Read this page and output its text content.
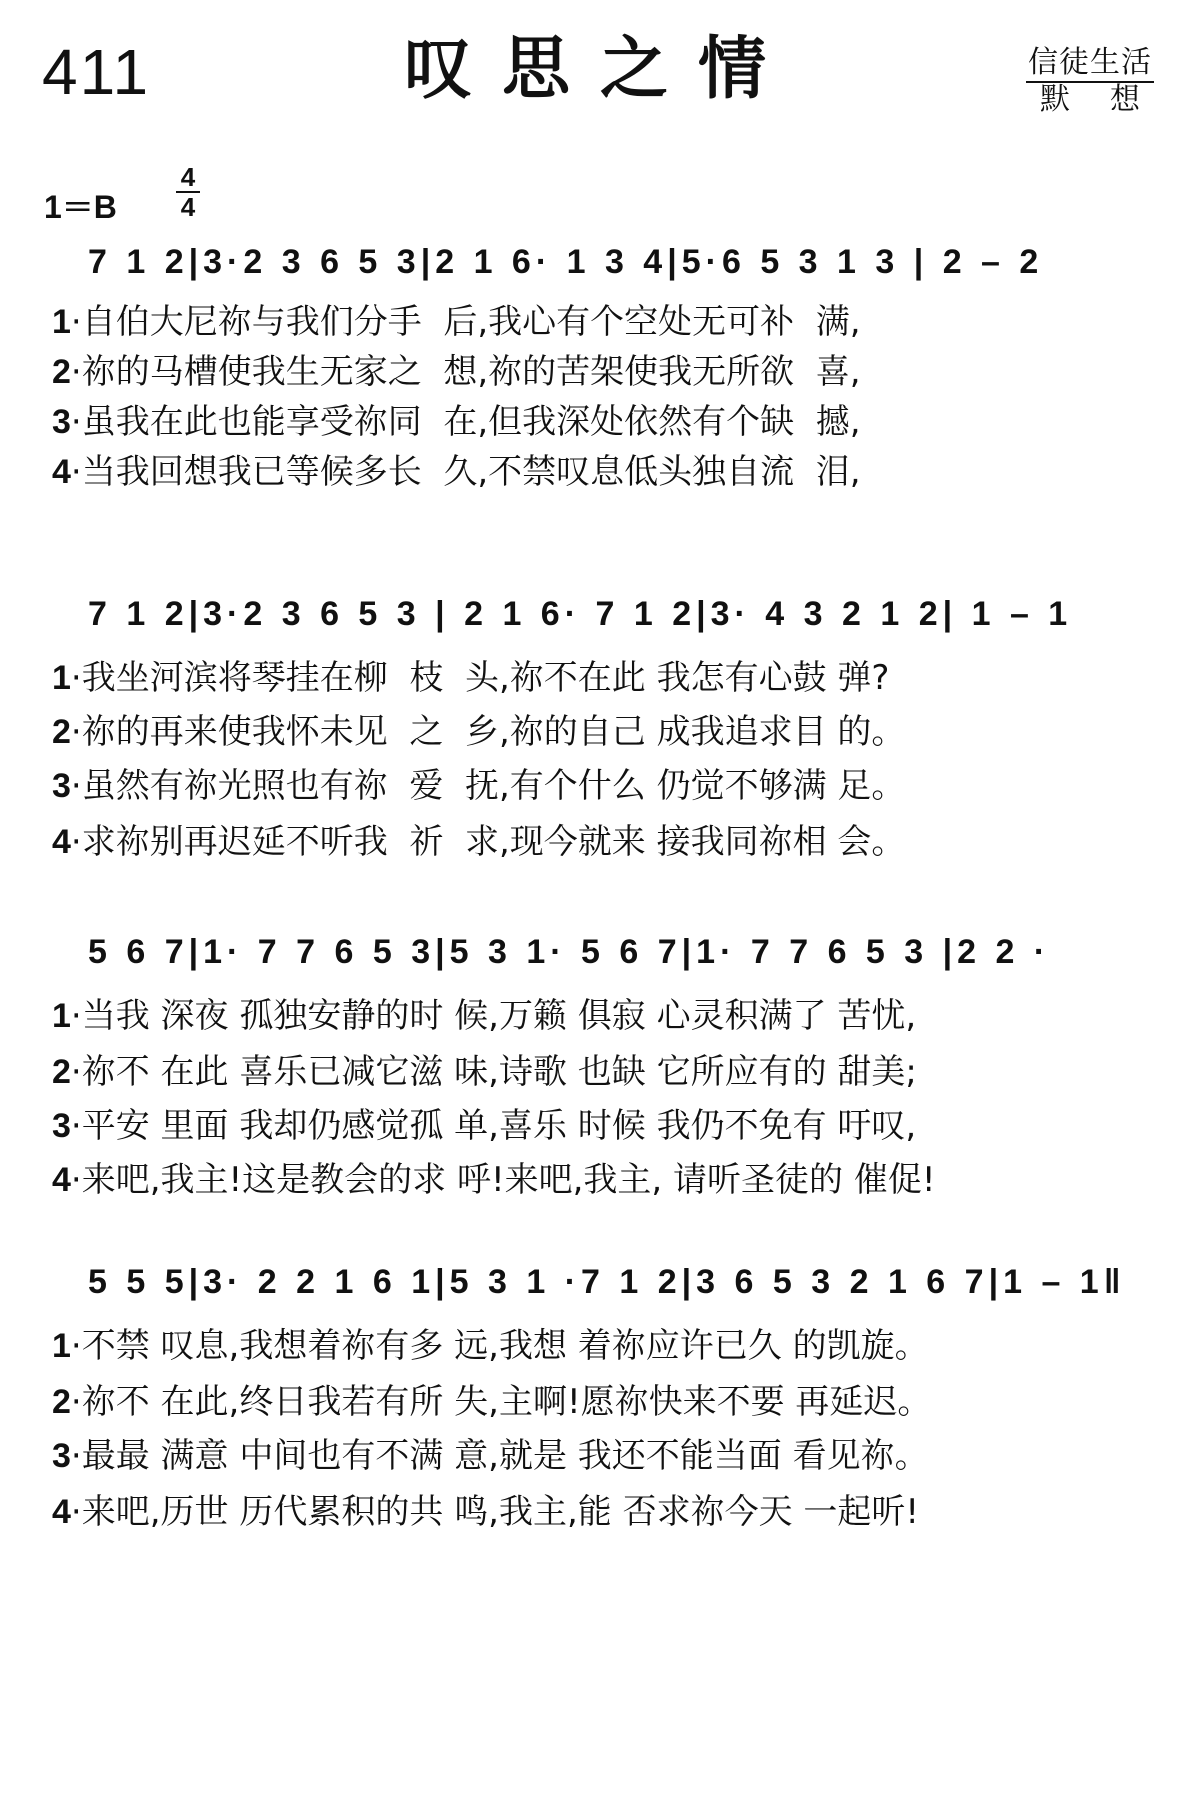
411	叹思之情	信徒生活
默想
1＝B
4
4
7 1 2|3·2 3 6 5 3|2 1 6· 1 3 4|5·6 5 3 1 3 | 2 – 2
1·自伯大尼祢与我们分手  后,我心有个空处无可补  满,
2·祢的马槽使我生无家之  想,祢的苦架使我无所欲  喜,
3·虽我在此也能享受祢同  在,但我深处依然有个缺  撼,
4·当我回想我已等候多长  久,不禁叹息低头独自流  泪,
7 1 2|3·2 3 6 5 3 | 2 1 6· 7 1 2|3· 4 3 2 1 2| 1 – 1
1·我坐河滨将琴挂在柳  枝  头,祢不在此 我怎有心鼓 弹?
2·祢的再来使我怀未见  之  乡,祢的自己 成我追求目 的。
3·虽然有祢光照也有祢  爱  抚,有个什么 仍觉不够满 足。
4·求祢别再迟延不听我  祈  求,现今就来 接我同祢相 会。
5 6 7|1· 7 7 6 5 3|5 3 1· 5 6 7|1· 7 7 6 5 3 |2 2 ·
1·当我 深夜 孤独安静的时 候,万籁 俱寂 心灵积满了 苦忧,
2·祢不 在此 喜乐已减它滋 味,诗歌 也缺 它所应有的 甜美;
3·平安 里面 我却仍感觉孤 单,喜乐 时候 我仍不免有 吁叹,
4·来吧,我主!这是教会的求 呼!来吧,我主, 请听圣徒的 催促!
5 5 5|3· 2 2 1 6 1|5 3 1 ·7 1 2|3 6 5 3 2 1 6 7|1 – 1‖
1·不禁 叹息,我想着祢有多 远,我想 着祢应许已久 的凯旋。
2·祢不 在此,终日我若有所 失,主啊!愿祢快来不要 再延迟。
3·最最 满意 中间也有不满 意,就是 我还不能当面 看见祢。
4·来吧,历世 历代累积的共 鸣,我主,能 否求祢今天 一起听!
